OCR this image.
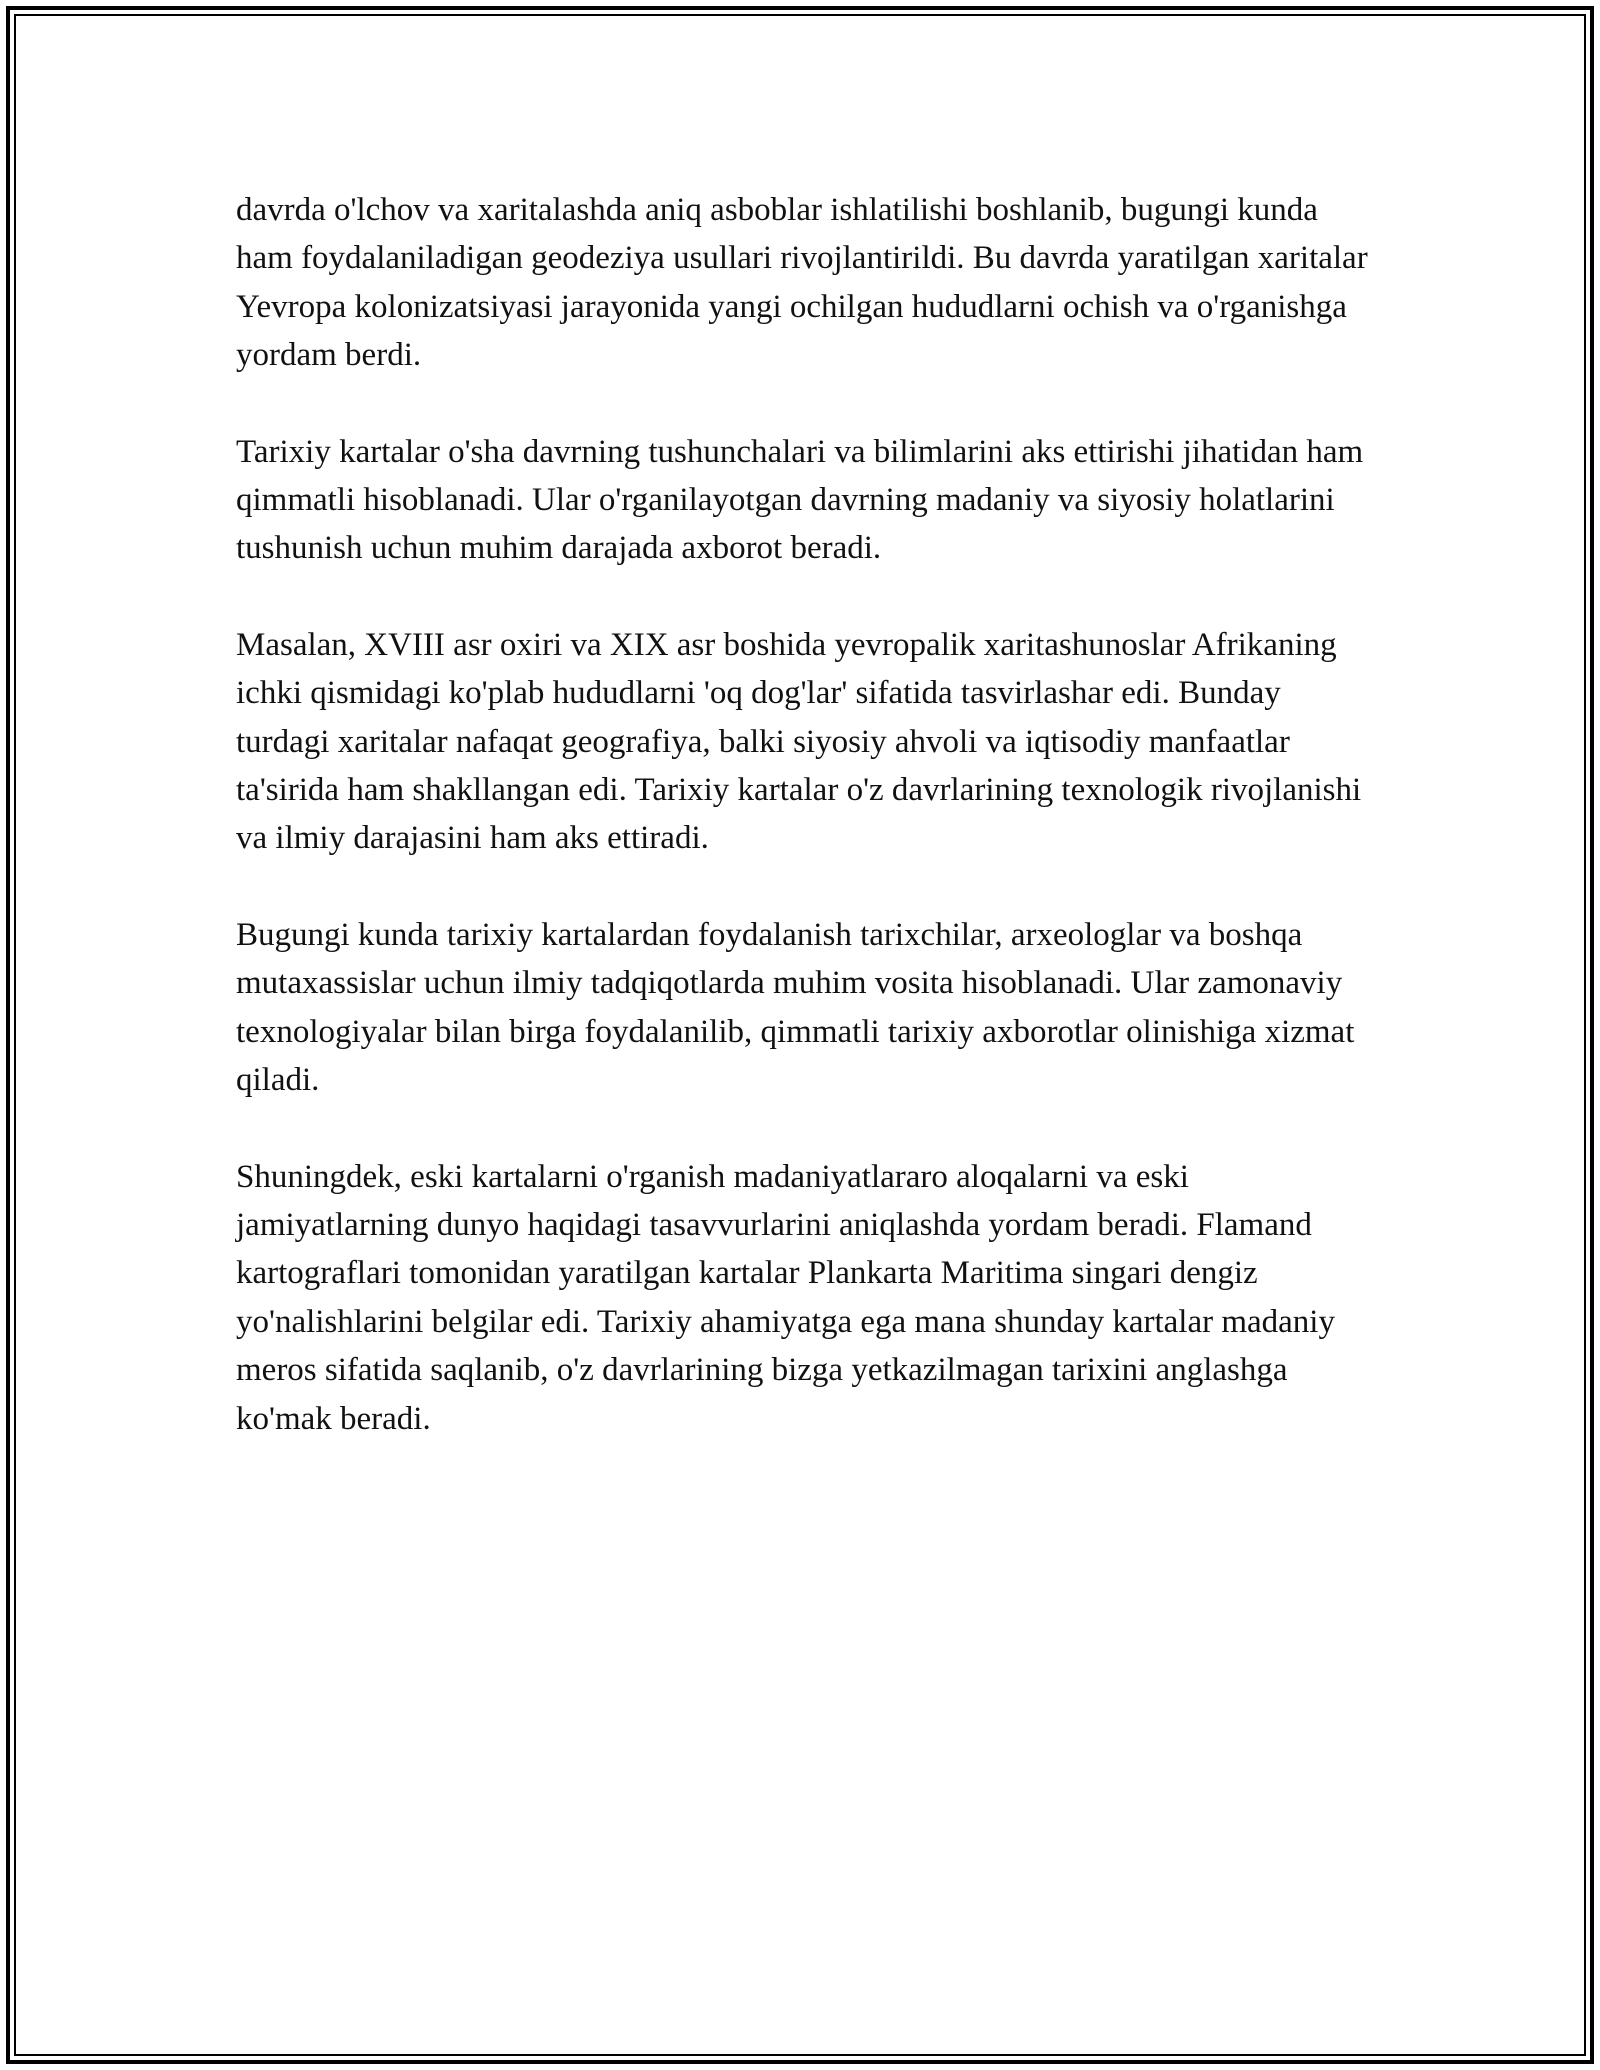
davrda o'lchov va xaritalashda aniq asboblar ishlatilishi boshlanib, bugungi kunda ham foydalaniladigan geodeziya usullari rivojlantirildi. Bu davrda yaratilgan xaritalar Yevropa kolonizatsiyasi jarayonida yangi ochilgan hududlarni ochish va o'rganishga yordam berdi.

Tarixiy kartalar o'sha davrning tushunchalari va bilimlarini aks ettirishi jihatidan ham qimmatli hisoblanadi. Ular o'rganilayotgan davrning madaniy va siyosiy holatlarini tushunish uchun muhim darajada axborot beradi.

Masalan, XVIII asr oxiri va XIX asr boshida yevropalik xaritashunoslar Afrikaning ichki qismidagi ko'plab hududlarni 'oq dog'lar' sifatida tasvirlashar edi. Bunday turdagi xaritalar nafaqat geografiya, balki siyosiy ahvoli va iqtisodiy manfaatlar ta'sirida ham shakllangan edi. Tarixiy kartalar o'z davrlarining texnologik rivojlanishi va ilmiy darajasini ham aks ettiradi.

Bugungi kunda tarixiy kartalardan foydalanish tarixchilar, arxeologlar va boshqa mutaxassislar uchun ilmiy tadqiqotlarda muhim vosita hisoblanadi. Ular zamonaviy texnologiyalar bilan birga foydalanilib, qimmatli tarixiy axborotlar olinishiga xizmat qiladi.

Shuningdek, eski kartalarni o'rganish madaniyatlararo aloqalarni va eski jamiyatlarning dunyo haqidagi tasavvurlarini aniqlashda yordam beradi. Flamand kartograflari tomonidan yaratilgan kartalar Plankarta Maritima singari dengiz yo'nalishlarini belgilar edi. Tarixiy ahamiyatga ega mana shunday kartalar madaniy meros sifatida saqlanib, o'z davrlarining bizga yetkazilmagan tarixini anglashga ko'mak beradi.
